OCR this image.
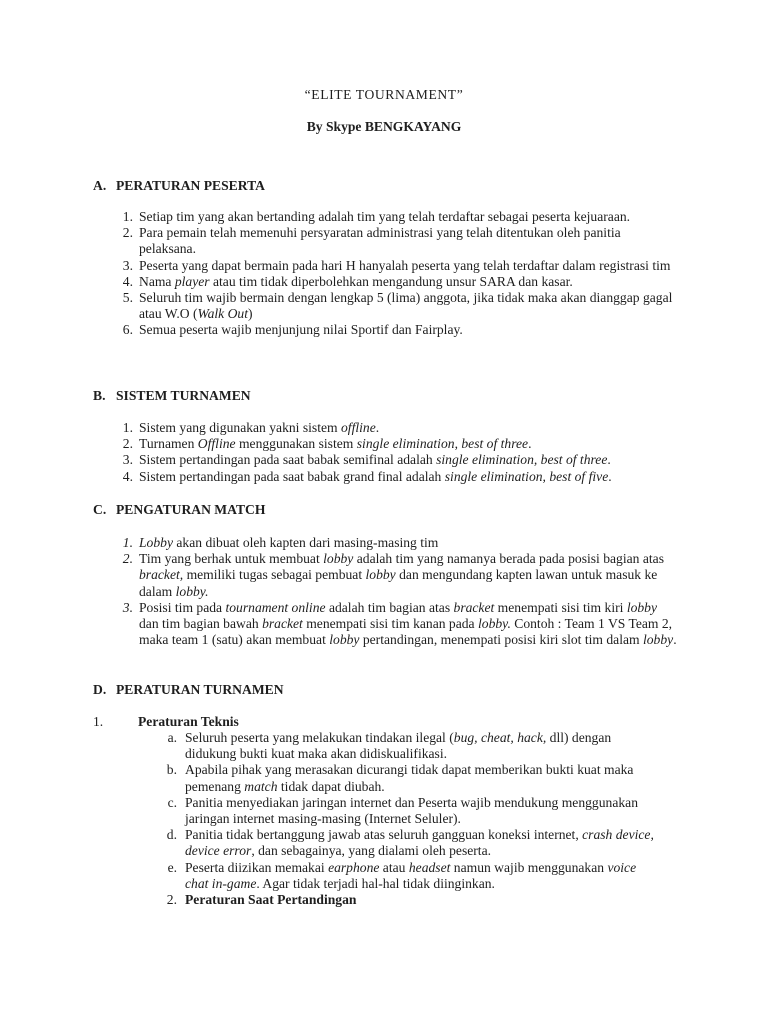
“ELITE TOURNAMENT”
By Skype BENGKAYANG
A. PERATURAN PESERTA
1. Setiap tim yang akan bertanding adalah tim yang telah terdaftar sebagai peserta kejuaraan.
2. Para pemain telah memenuhi persyaratan administrasi yang telah ditentukan oleh panitia pelaksana.
3. Peserta yang dapat bermain pada hari H hanyalah peserta yang telah terdaftar dalam registrasi tim
4. Nama player atau tim tidak diperbolehkan mengandung unsur SARA dan kasar.
5. Seluruh tim wajib bermain dengan lengkap 5 (lima) anggota, jika tidak maka akan dianggap gagal atau W.O (Walk Out)
6. Semua peserta wajib menjunjung nilai Sportif dan Fairplay.
B. SISTEM TURNAMEN
1. Sistem yang digunakan yakni sistem offline.
2. Turnamen Offline menggunakan sistem single elimination, best of three.
3. Sistem pertandingan pada saat babak semifinal adalah single elimination, best of three.
4. Sistem pertandingan pada saat babak grand final adalah single elimination, best of five.
C. PENGATURAN MATCH
1. Lobby akan dibuat oleh kapten dari masing-masing tim
2. Tim yang berhak untuk membuat lobby adalah tim yang namanya berada pada posisi bagian atas bracket, memiliki tugas sebagai pembuat lobby dan mengundang kapten lawan untuk masuk ke dalam lobby.
3. Posisi tim pada tournament online adalah tim bagian atas bracket menempati sisi tim kiri lobby dan tim bagian bawah bracket menempati sisi tim kanan pada lobby. Contoh : Team 1 VS Team 2, maka team 1 (satu) akan membuat lobby pertandingan, menempati posisi kiri slot tim dalam lobby.
D. PERATURAN TURNAMEN
1.	Peraturan Teknis
a. Seluruh peserta yang melakukan tindakan ilegal (bug, cheat, hack, dll) dengan didukung bukti kuat maka akan didiskualifikasi.
b. Apabila pihak yang merasakan dicurangi tidak dapat memberikan bukti kuat maka pemenang match tidak dapat diubah.
c. Panitia menyediakan jaringan internet dan Peserta wajib mendukung menggunakan jaringan internet masing-masing (Internet Seluler).
d. Panitia tidak bertanggung jawab atas seluruh gangguan koneksi internet, crash device, device error, dan sebagainya, yang dialami oleh peserta.
e. Peserta diizikan memakai earphone atau headset namun wajib menggunakan voice chat in-game. Agar tidak terjadi hal-hal tidak diinginkan.
2. Peraturan Saat Pertandingan
